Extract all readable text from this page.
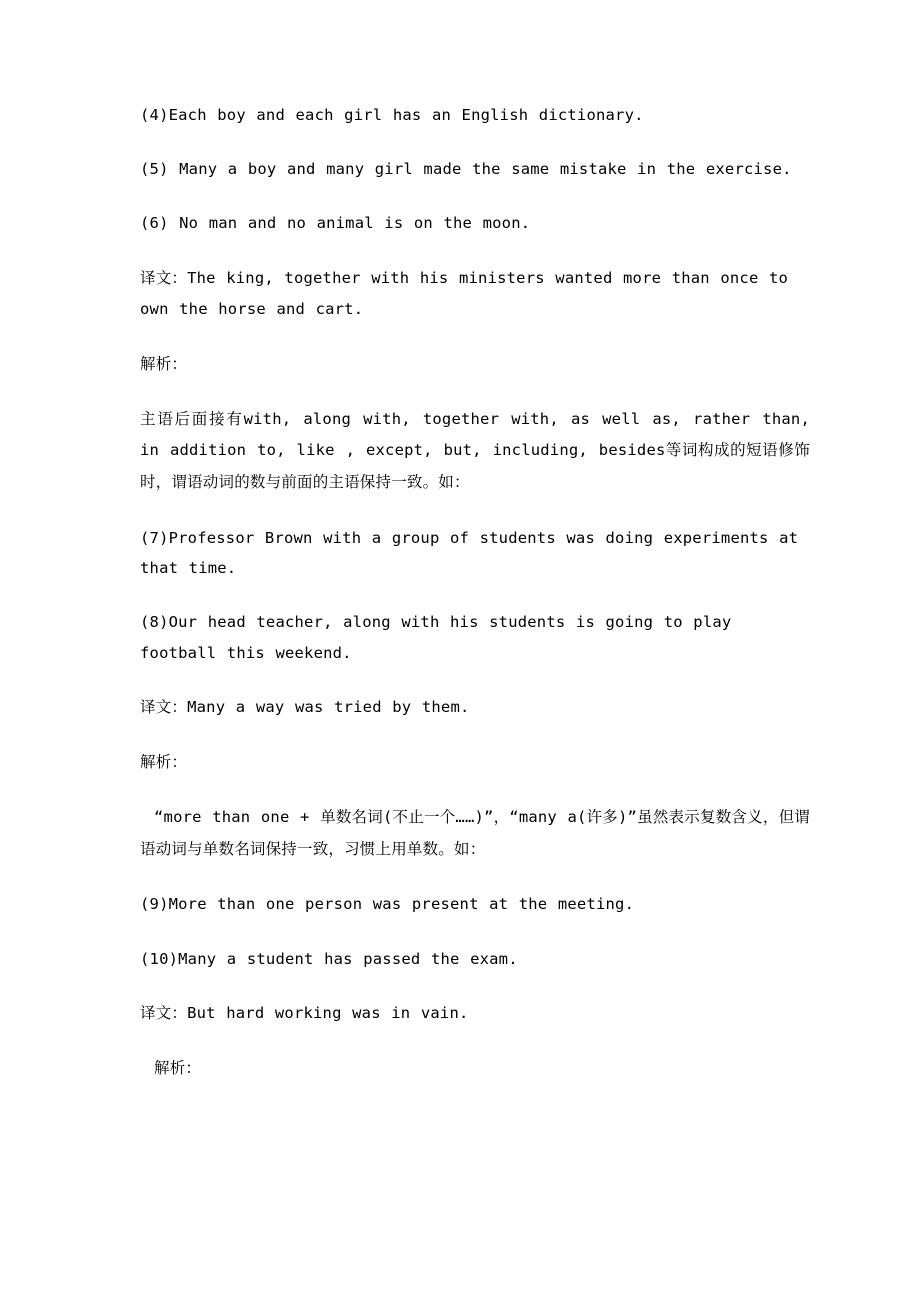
(4)Each boy and each girl has an English dictionary.

(5) Many a boy and many girl made the same mistake in the exercise.

(6) No man and no animal is on the moon.

译文：The king, together with his ministers wanted more than once to own the horse and cart.

解析：

主语后面接有with, along with, together with, as well as, rather than, in addition to, like , except, but, including, besides等词构成的短语修饰时，谓语动词的数与前面的主语保持一致。如：

(7)Professor Brown with a group of students was doing experiments at that time.

(8)Our head teacher, along with his students is going to play football this weekend.

译文：Many a way was tried by them.

解析：

“more than one + 单数名词(不止一个……)”，“many a(许多)”虽然表示复数含义，但谓语动词与单数名词保持一致，习惯上用单数。如：

(9)More than one person was present at the meeting.

(10)Many a student has passed the exam.

译文：But hard working was in vain.

解析：
